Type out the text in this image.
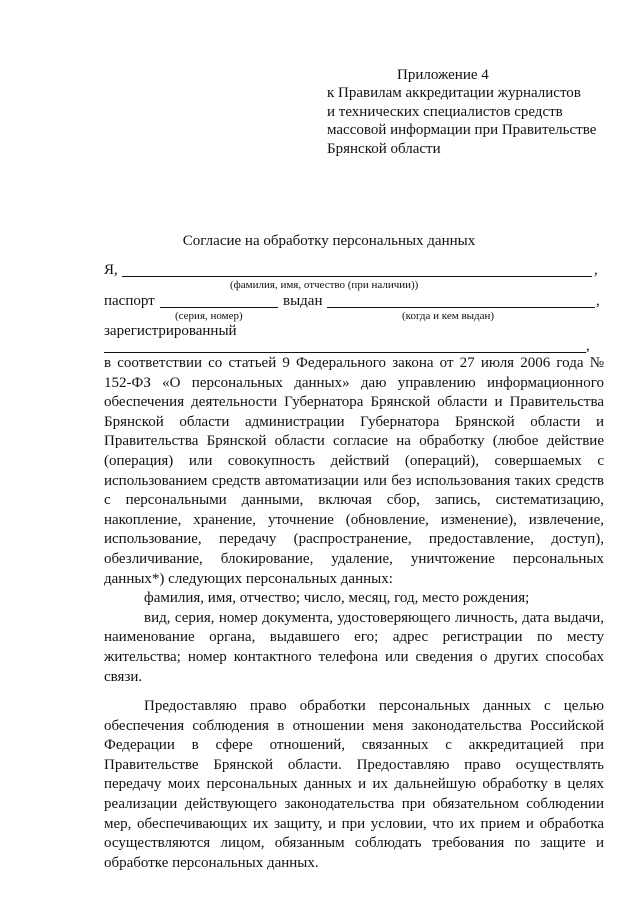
Приложение 4
к Правилам аккредитации журналистов
и технических специалистов средств
массовой информации при Правительстве
Брянской области
Согласие на обработку персональных данных
Я,	,
(фамилия, имя, отчество (при наличии))
паспорт	выдан	,
(серия, номер)	(когда и кем выдан)
зарегистрированный
,

в соответствии со статьей 9 Федерального закона от 27 июля 2006 года № 152-ФЗ «О персональных данных» даю управлению информационного обеспечения деятельности Губернатора Брянской области и Правительства Брянской области администрации Губернатора Брянской области и Правительства Брянской области согласие на обработку (любое действие (операция) или совокупность действий (операций), совершаемых с использованием средств автоматизации или без использования таких средств с персональными данными, включая сбор, запись, систематизацию, накопление, хранение, уточнение (обновление, изменение), извлечение, использование, передачу (распространение, предоставление, доступ), обезличивание, блокирование, удаление, уничтожение персональных данных*) следующих персональных данных:

фамилия, имя, отчество; число, месяц, год, место рождения;

вид, серия, номер документа, удостоверяющего личность, дата выдачи, наименование органа, выдавшего его; адрес регистрации по месту жительства; номер контактного телефона или сведения о других способах связи.

Предоставляю право обработки персональных данных с целью обеспечения соблюдения в отношении меня законодательства Российской Федерации в сфере отношений, связанных с аккредитацией при Правительстве Брянской области. Предоставляю право осуществлять передачу моих персональных данных и их дальнейшую обработку в целях реализации действующего законодательства при обязательном соблюдении мер, обеспечивающих их защиту, и при условии, что их прием и обработка осуществляются лицом, обязанным соблюдать требования по защите и обработке персональных данных.
